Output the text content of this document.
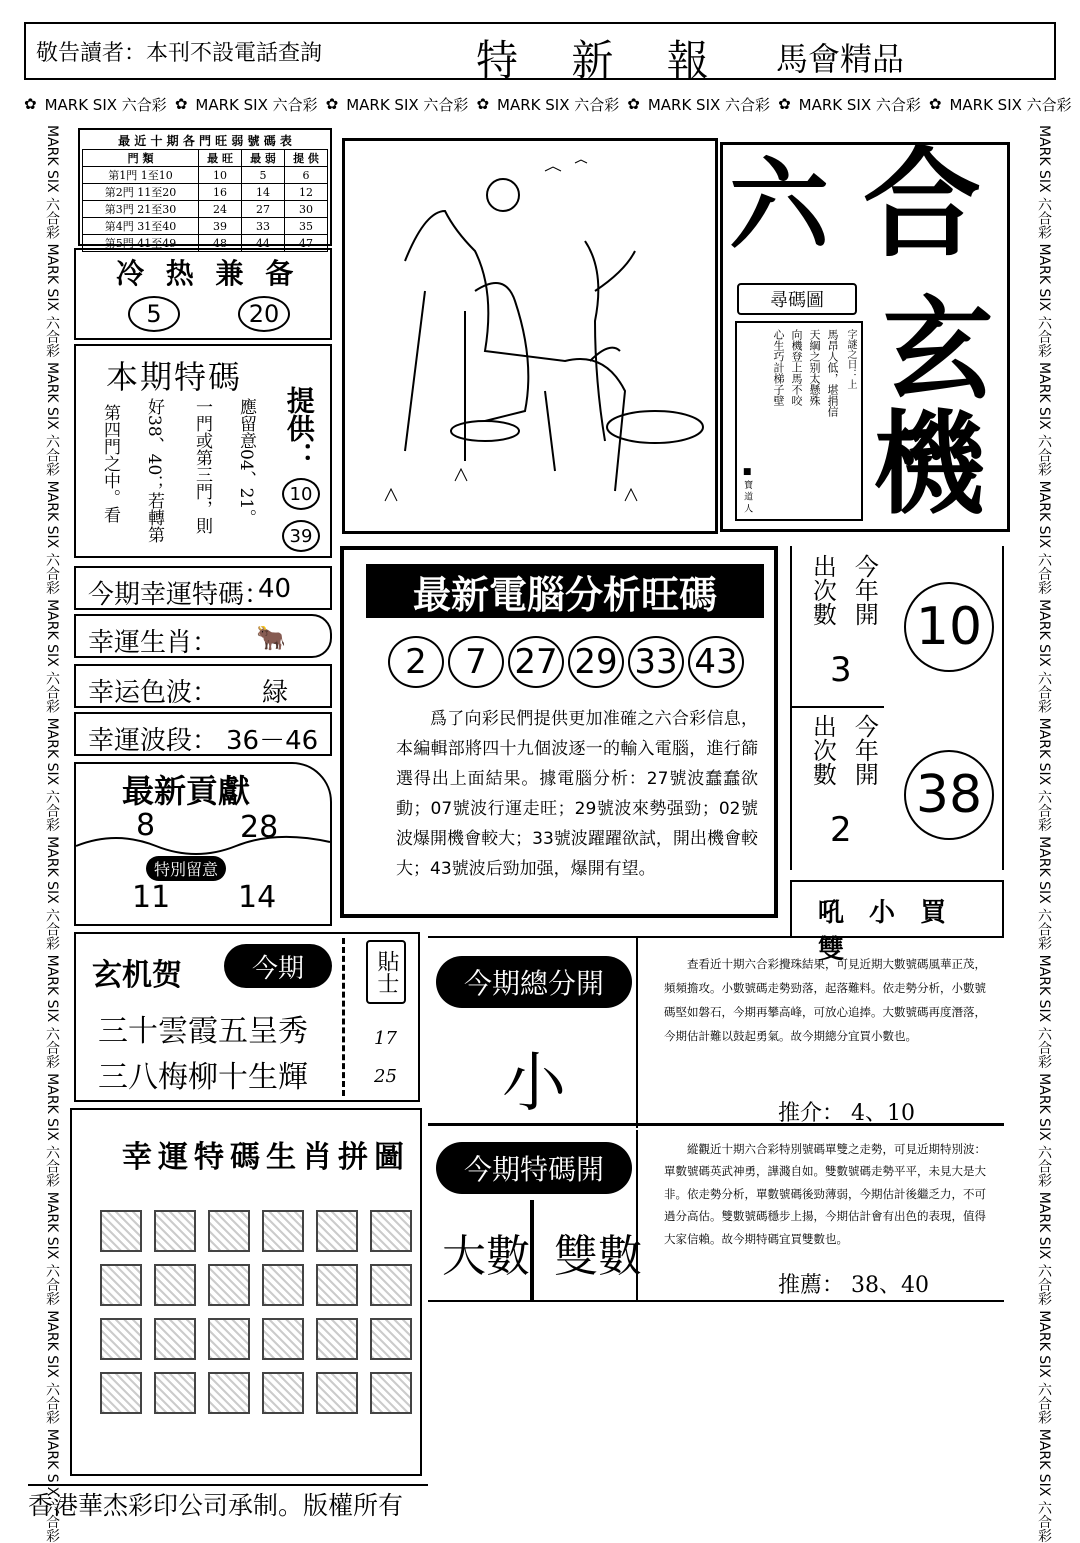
敬告讀者：本刊不設電話查詢	特 新 報 馬會精品
✿ MARK SIX 六合彩 ✿ MARK SIX 六合彩 ✿ MARK SIX 六合彩 ✿ MARK SIX 六合彩 ✿ MARK SIX 六合彩 ✿ MARK SIX 六合彩 ✿ MARK SIX 六合彩
MARK SIX 六合彩 MARK SIX 六合彩 MARK SIX 六合彩 MARK SIX 六合彩 MARK SIX 六合彩 MARK SIX 六合彩 MARK SIX 六合彩 MARK SIX 六合彩 MARK SIX 六合彩 MARK SIX 六合彩 MARK SIX 六合彩 MARK SIX 六合彩	MARK SIX 六合彩 MARK SIX 六合彩 MARK SIX 六合彩 MARK SIX 六合彩 MARK SIX 六合彩 MARK SIX 六合彩 MARK SIX 六合彩 MARK SIX 六合彩 MARK SIX 六合彩 MARK SIX 六合彩 MARK SIX 六合彩 MARK SIX 六合彩
最 近 十 期 各 門 旺 弱 號 碼 表
門 類	最 旺	最 弱	提 供
第1門 1至10	10	5	6
第2門 11至20	16	14	12
第3門 21至30	24	27	30
第4門 31至40	39	33	35
第5門 41至49	48	44	47
冷 热 兼 备
5	20
本期特碼
第四門之中。看 好38、40；若轉第 一門或第三門，則 應留意04、21。 提供：
10
39
今期幸運特碼：
40
幸運生肖： 🐂
幸运色波： 緑
幸運波段： 36－46
最新貢獻
8	28
特別留意
11 14
玄机贺	今期
三十雲霞五呈秀
三八梅柳十生輝
貼士
17
25
幸運特碼生肖拼圖
香港華杰彩印公司承制。版權所有
六 合
玄
機
尋碼圖
字謎之日：上
馬昂人低，堪捐信
天綱之别太懸殊
向機登上馬不咬
心生巧計梯子壁
■ 寶 道 人
最新電腦分析旺碼
2	7 27 29 33 43
爲了向彩民們提供更加准確之六合彩信息，本編輯部將四十九個波逐一的輸入電腦，進行篩選得出上面結果。據電腦分析：27號波蠢蠢欲動；07號波行運走旺；29號波來勢强勁；02號波爆開機會較大；33號波躍躍欲試，開出機會較大；43號波后勁加强，爆開有望。
今年開
出次數
3
10
今年開
出次數
2
38
今期總分開
小
吼 小 買 雙
查看近十期六合彩攪珠結果，可見近期大數號碼風華正茂，頻頻擔攻。小數號碼走勢勁落，起落難料。依走勢分析，小數號碼堅如磐石，今期再攀高峰，可放心追捧。大數號碼再度潛落，今期估計難以鼓起勇氣。故今期總分宜買小數也。
推介： 4、10
今期特碼開
大數 雙數
縱觀近十期六合彩特別號碼單雙之走勢，可見近期特別波：單數號碼英武神勇，譁濺自如。雙數號碼走勢平平，未見大是大非。依走勢分析，單數號碼後勁薄弱，今期估計後繼乏力，不可過分高估。雙數號碼穩步上揚，今期估計會有出色的表現，值得大家信賴。故今期特碼宜買雙數也。
推薦： 38、40
